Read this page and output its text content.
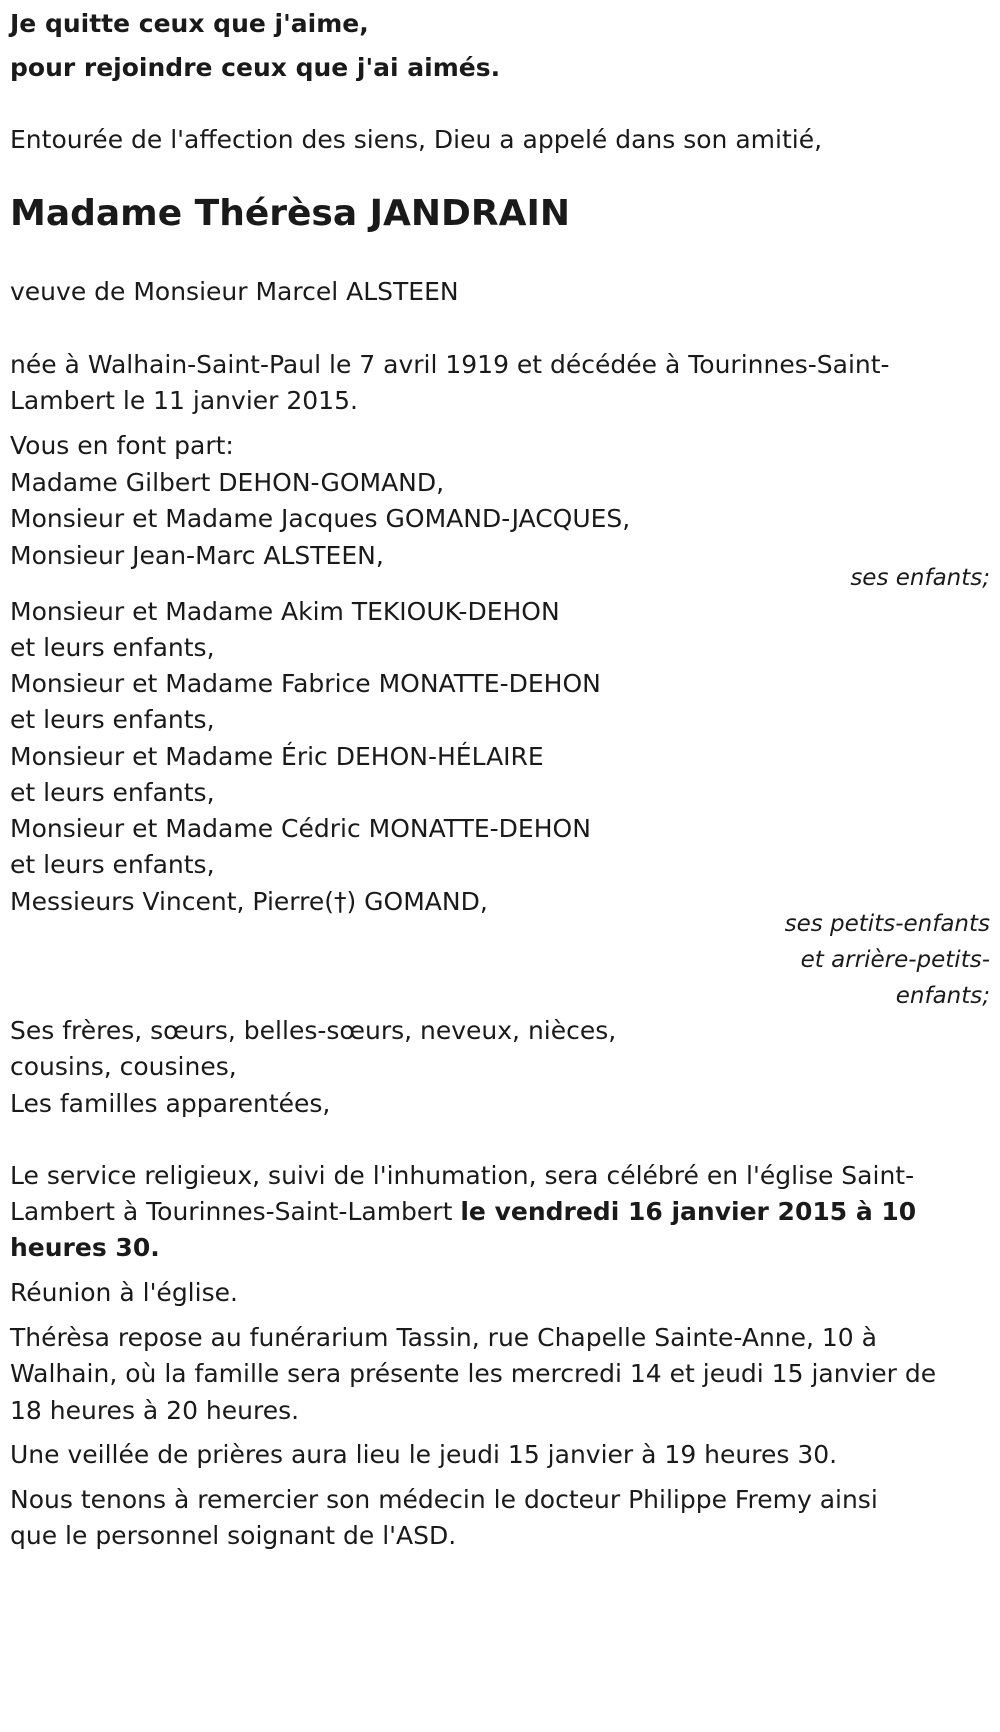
Je quitte ceux que j'aime,

pour rejoindre ceux que j'ai aimés.

Entourée de l'affection des siens, Dieu a appelé dans son amitié,

Madame Thérèsa JANDRAIN

veuve de Monsieur Marcel ALSTEEN

née à Walhain-Saint-Paul le 7 avril 1919 et décédée à Tourinnes-Saint-

Lambert le 11 janvier 2015.

Vous en font part:

Madame Gilbert DEHON-GOMAND,

Monsieur et Madame Jacques GOMAND-JACQUES,

Monsieur Jean-Marc ALSTEEN,

ses enfants;

Monsieur et Madame Akim TEKIOUK-DEHON

et leurs enfants,

Monsieur et Madame Fabrice MONATTE-DEHON

et leurs enfants,

Monsieur et Madame Éric DEHON-HÉLAIRE

et leurs enfants,

Monsieur et Madame Cédric MONATTE-DEHON

et leurs enfants,

Messieurs Vincent, Pierre(†) GOMAND,

ses petits-enfants

et arrière-petits-

enfants;

Ses frères, sœurs, belles-sœurs, neveux, nièces,

cousins, cousines,

Les familles apparentées,

Le service religieux, suivi de l'inhumation, sera célébré en l'église Saint-

Lambert à Tourinnes-Saint-Lambert le vendredi 16 janvier 2015 à 10

heures 30.

Réunion à l'église.

Thérèsa repose au funérarium Tassin, rue Chapelle Sainte-Anne, 10 à

Walhain, où la famille sera présente les mercredi 14 et jeudi 15 janvier de

18 heures à 20 heures.

Une veillée de prières aura lieu le jeudi 15 janvier à 19 heures 30.

Nous tenons à remercier son médecin le docteur Philippe Fremy ainsi

que le personnel soignant de l'ASD.
